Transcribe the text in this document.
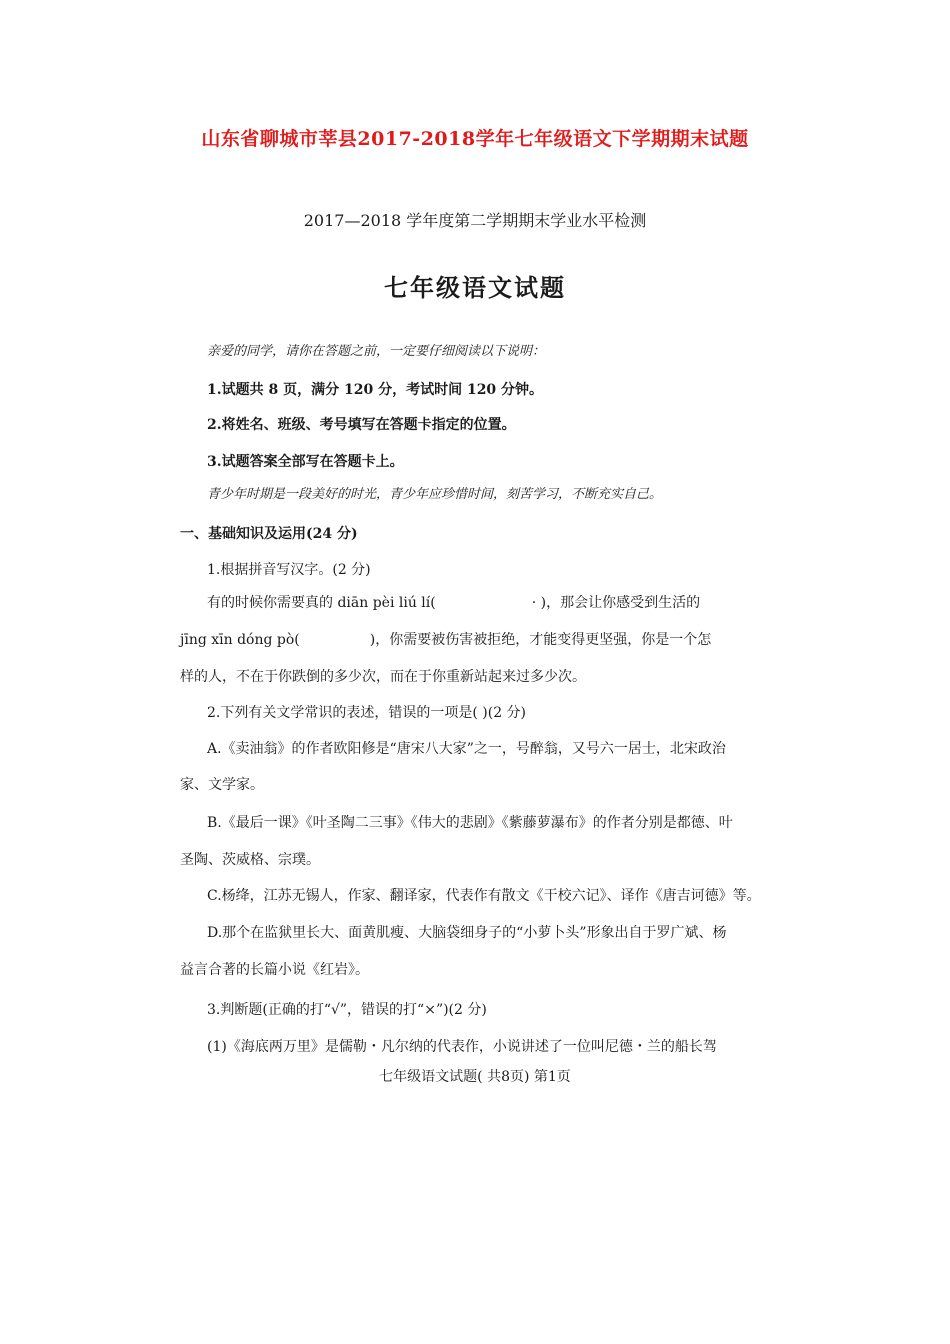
山东省聊城市莘县2017-2018学年七年级语文下学期期末试题
2017—2018 学年度第二学期期末学业水平检测
七年级语文试题
亲爱的同学，请你在答题之前，一定要仔细阅读以下说明：
1.试题共 8 页，满分 120 分，考试时间 120 分钟。
2.将姓名、班级、考号填写在答题卡指定的位置。
3.试题答案全部写在答题卡上。
青少年时期是一段美好的时光，青少年应珍惜时间，刻苦学习，不断充实自己。
一、基础知识及运用(24 分)
1.根据拼音写汉字。(2 分)
有的时候你需要真的 diān pèi liú lí(	· )，那会让你感受到生活的
jīng xīn dóng pò(	)，你需要被伤害被拒绝，才能变得更坚强，你是一个怎
样的人，不在于你跌倒的多少次，而在于你重新站起来过多少次。
2.下列有关文学常识的表述，错误的一项是( )(2 分)
A.《卖油翁》的作者欧阳修是“唐宋八大家”之一，号醉翁，又号六一居士，北宋政治
家、文学家。
B.《最后一课》《叶圣陶二三事》《伟大的悲剧》《紫藤萝瀑布》的作者分别是都德、叶
圣陶、茨威格、宗璞。
C.杨绛，江苏无锡人，作家、翻译家，代表作有散文《干校六记》、译作《唐吉诃德》等。
D.那个在监狱里长大、面黄肌瘦、大脑袋细身子的“小萝卜头”形象出自于罗广斌、杨
益言合著的长篇小说《红岩》。
3.判断题(正确的打“√”，错误的打“×”)(2 分)
(1)《海底两万里》是儒勒・凡尔纳的代表作，小说讲述了一位叫尼德・兰的船长驾
七年级语文试题( 共8页) 第1页
